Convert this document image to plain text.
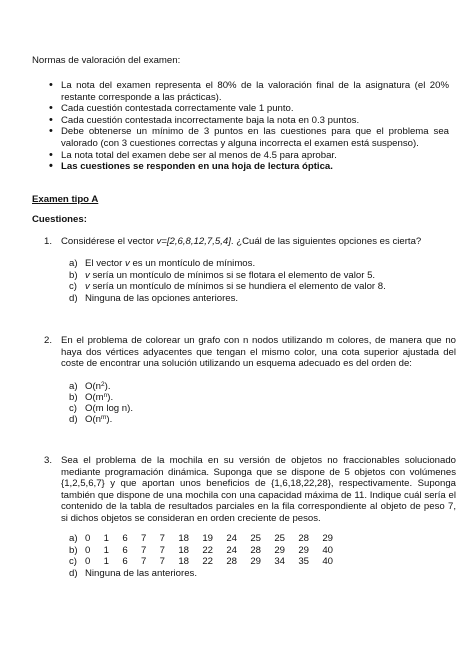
Normas de valoración del examen:
• La nota del examen representa el 80% de la valoración final de la asignatura (el 20% restante corresponde a las prácticas).
• Cada cuestión contestada correctamente vale 1 punto.
• Cada cuestión contestada incorrectamente baja la nota en 0.3 puntos.
• Debe obtenerse un mínimo de 3 puntos en las cuestiones para que el problema sea valorado (con 3 cuestiones correctas y alguna incorrecta el examen está suspenso).
• La nota total del examen debe ser al menos de 4.5 para aprobar.
• Las cuestiones se responden en una hoja de lectura óptica.
Examen tipo A
Cuestiones:
1. Considérese el vector v=[2,6,8,12,7,5,4]. ¿Cuál de las siguientes opciones es cierta?
a) El vector v es un montículo de mínimos.
b) v sería un montículo de mínimos si se flotara el elemento de valor 5.
c) v sería un montículo de mínimos si se hundiera el elemento de valor 8.
d) Ninguna de las opciones anteriores.
2. En el problema de colorear un grafo con n nodos utilizando m colores, de manera que no haya dos vértices adyacentes que tengan el mismo color, una cota superior ajustada del coste de encontrar una solución utilizando un esquema adecuado es del orden de:
a) $O(n^2)$.
b) $O(m^n)$.
c) O(m log n).
d) $O(n^m)$.
3. Sea el problema de la mochila en su versión de objetos no fraccionables solucionado mediante programación dinámica. Suponga que se dispone de 5 objetos con volúmenes {1,2,5,6,7} y que aportan unos beneficios de {1,6,18,22,28}, respectivamente. Suponga también que dispone de una mochila con una capacidad máxima de 11. Indique cuál sería el contenido de la tabla de resultados parciales en la fila correspondiente al objeto de peso 7, si dichos objetos se consideran en orden creciente de pesos.
a) 0  1  6  7  7  18  19  24  25  25  28  29
b) 0  1  6  7  7  18  22  24  28  29  29  40
c) 0  1  6  7  7  18  22  28  29  34  35  40
d) Ninguna de las anteriores.
